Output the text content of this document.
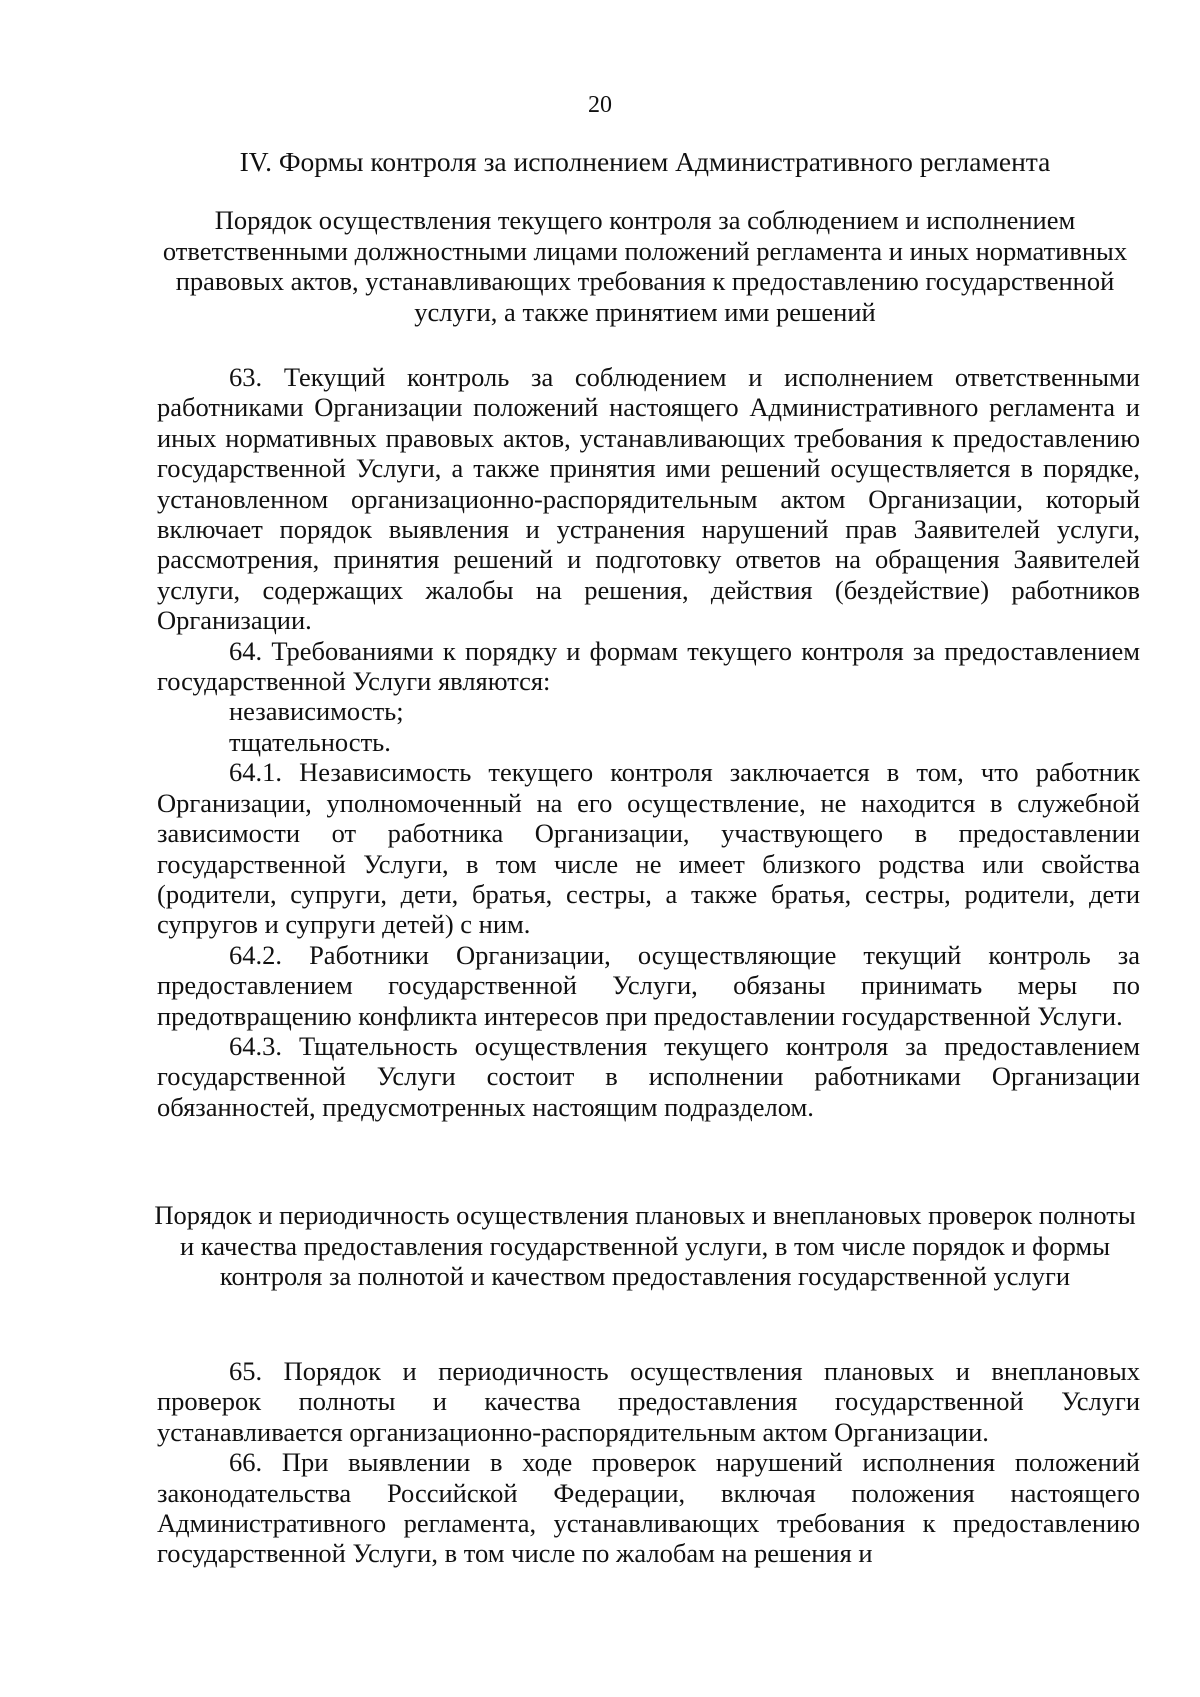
20

IV. Формы контроля за исполнением Административного регламента
Порядок осуществления текущего контроля за соблюдением и исполнением ответственными должностными лицами положений регламента и иных нормативных правовых актов, устанавливающих требования к предоставлению государственной услуги, а также принятием ими решений

63. Текущий контроль за соблюдением и исполнением ответственными работниками Организации положений настоящего Административного регламента и иных нормативных правовых актов, устанавливающих требования к предоставлению государственной Услуги, а также принятия ими решений осуществляется в порядке, установленном организационно-распорядительным актом Организации, который включает порядок выявления и устранения нарушений прав Заявителей услуги, рассмотрения, принятия решений и подготовку ответов на обращения Заявителей услуги, содержащих жалобы на решения, действия (бездействие) работников Организации.

64. Требованиями к порядку и формам текущего контроля за предоставлением государственной Услуги являются:

независимость;

тщательность.

64.1. Независимость текущего контроля заключается в том, что работник Организации, уполномоченный на его осуществление, не находится в служебной зависимости от работника Организации, участвующего в предоставлении государственной Услуги, в том числе не имеет близкого родства или свойства (родители, супруги, дети, братья, сестры, а также братья, сестры, родители, дети супругов и супруги детей) с ним.

64.2. Работники Организации, осуществляющие текущий контроль за предоставлением государственной Услуги, обязаны принимать меры по предотвращению конфликта интересов при предоставлении государственной Услуги.

64.3. Тщательность осуществления текущего контроля за предоставлением государственной Услуги состоит в исполнении работниками Организации обязанностей, предусмотренных настоящим подразделом.

Порядок и периодичность осуществления плановых и внеплановых проверок полноты и качества предоставления государственной услуги, в том числе порядок и формы контроля за полнотой и качеством предоставления государственной услуги

65. Порядок и периодичность осуществления плановых и внеплановых проверок полноты и качества предоставления государственной Услуги устанавливается организационно-распорядительным актом Организации.

66. При выявлении в ходе проверок нарушений исполнения положений законодательства Российской Федерации, включая положения настоящего Административного регламента, устанавливающих требования к предоставлению государственной Услуги, в том числе по жалобам на решения и
